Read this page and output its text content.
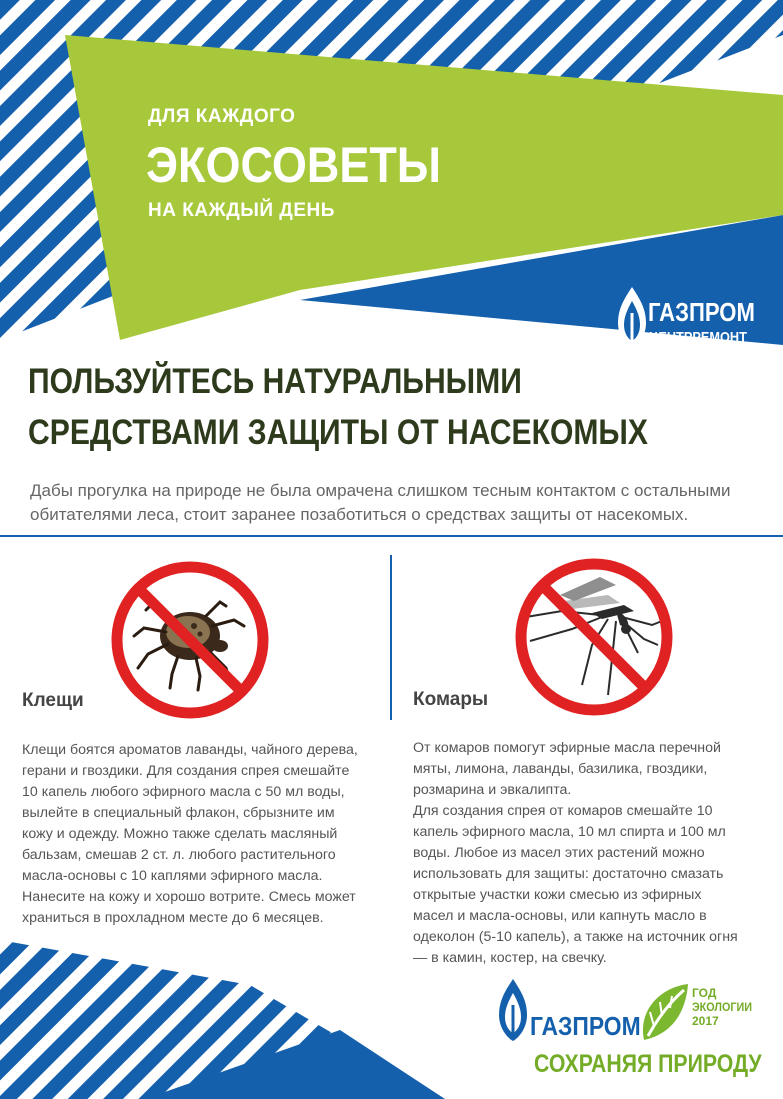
ДЛЯ КАЖДОГО
ЭКОСОВЕТЫ
НА КАЖДЫЙ ДЕНЬ
ГАЗПРОМ
ЦЕНТРРЕМОНТ
ПОЛЬЗУЙТЕСЬ НАТУРАЛЬНЫМИ
СРЕДСТВАМИ ЗАЩИТЫ ОТ НАСЕКОМЫХ
Дабы прогулка на природе не была омрачена слишком тесным контактом с остальными обитателями леса, стоит заранее позаботиться о средствах защиты от насекомых.
Клещи	Комары

Клещи боятся ароматов лаванды, чайного дерева, герани и гвоздики. Для создания спрея смешайте 10 капель любого эфирного масла с 50 мл воды, вылейте в специальный флакон, сбрызните им кожу и одежду. Можно также сделать масляный бальзам, смешав 2 ст. л. любого растительного масла-основы с 10 каплями эфирного масла. Нанесите на кожу и хорошо вотрите. Смесь может храниться в прохладном месте до 6 месяцев.

От комаров помогут эфирные масла перечной мяты, лимона, лаванды, базилика, гвоздики, розмарина и эвкалипта.

Для создания спрея от комаров смешайте 10 капель эфирного масла, 10 мл спирта и 100 мл воды. Любое из масел этих растений можно использовать для защиты: достаточно смазать открытые участки кожи смесью из эфирных масел и масла-основы, или капнуть масло в одеколон (5-10 капель), а также на источник огня — в камин, костер, на свечку.

ГАЗПРОМ
ГОД
ЭКОЛОГИИ
2017
СОХРАНЯЯ ПРИРОДУ
